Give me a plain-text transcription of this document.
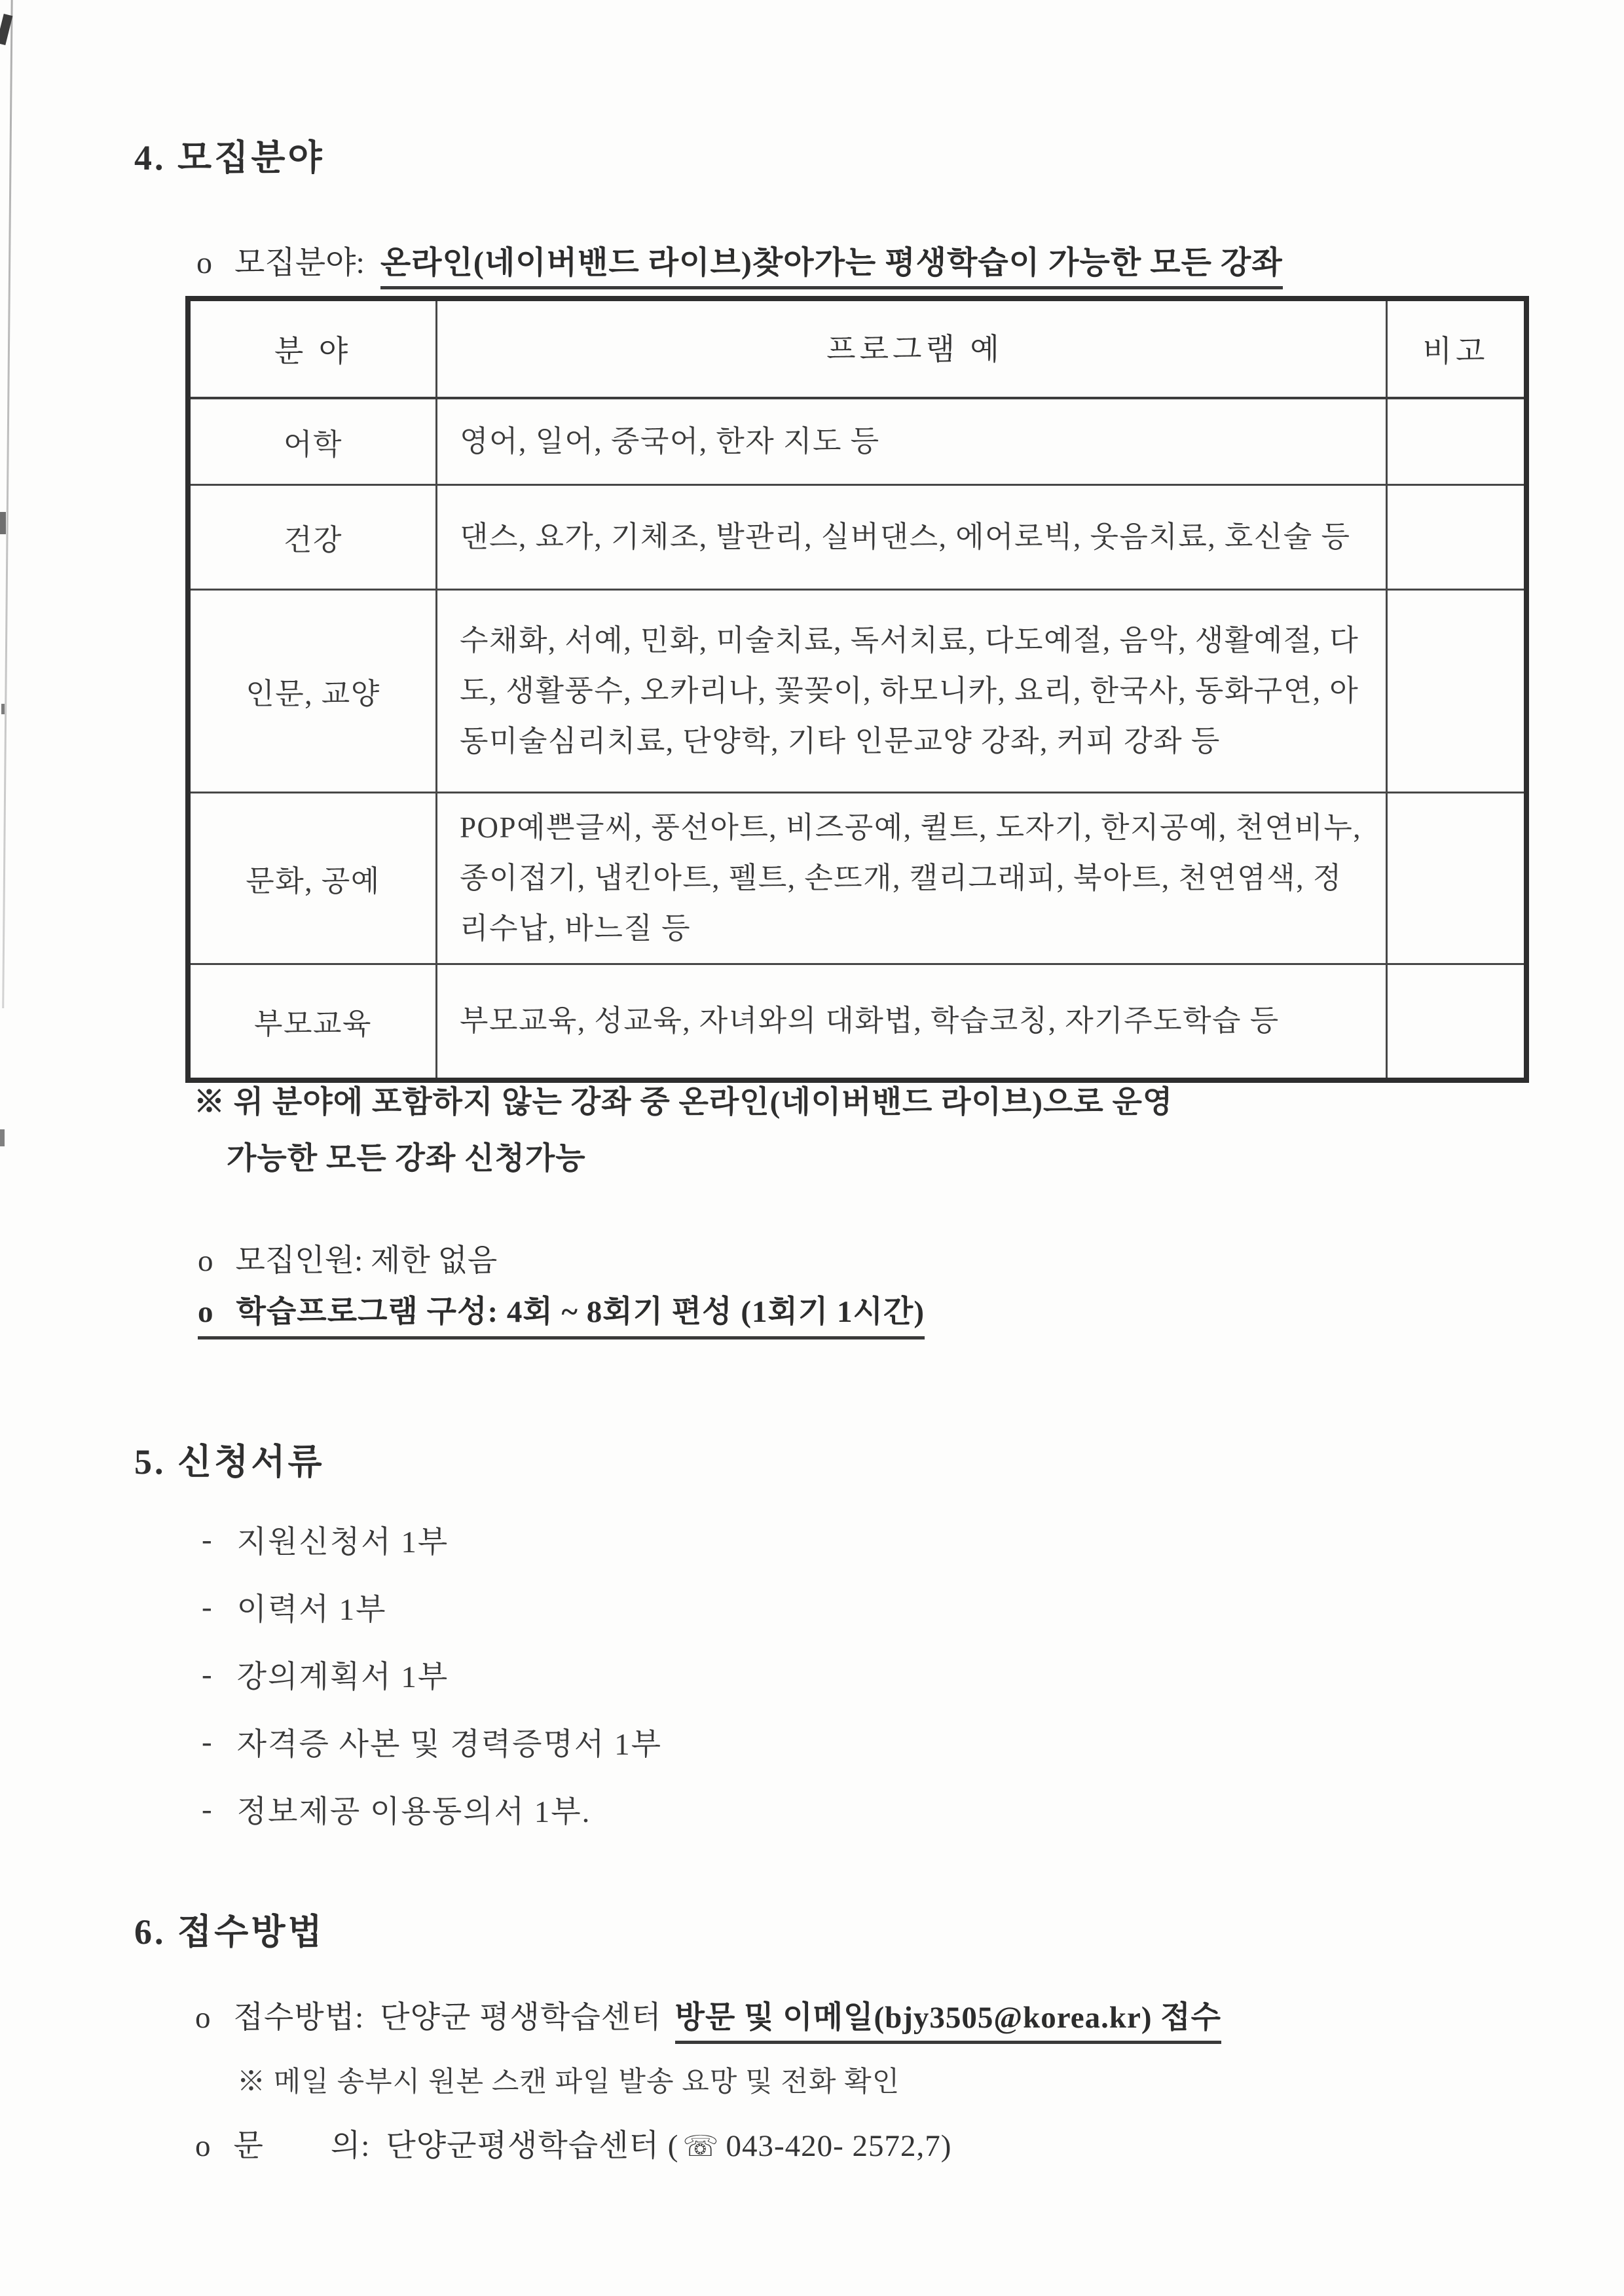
4. 모집분야
o 모집분야: 온라인(네이버밴드 라이브)찾아가는 평생학습이 가능한 모든 강좌
분 야	프로그램 예	비고
어학	영어, 일어, 중국어, 한자 지도 등	
건강	댄스, 요가, 기체조, 발관리, 실버댄스, 에어로빅, 웃음치료, 호신술 등	
인문, 교양	수채화, 서예, 민화, 미술치료, 독서치료, 다도예절, 음악, 생활예절, 다도, 생활풍수, 오카리나, 꽃꽂이, 하모니카, 요리, 한국사, 동화구연, 아동미술심리치료, 단양학, 기타 인문교양 강좌, 커피 강좌 등	
문화, 공예	POP예쁜글씨, 풍선아트, 비즈공예, 퀼트, 도자기, 한지공예, 천연비누, 종이접기, 냅킨아트, 펠트, 손뜨개, 캘리그래피, 북아트, 천연염색, 정리수납, 바느질 등	
부모교육	부모교육, 성교육, 자녀와의 대화법, 학습코칭, 자기주도학습 등	
※ 위 분야에 포함하지 않는 강좌 중 온라인(네이버밴드 라이브)으로 운영
가능한 모든 강좌 신청가능
o 모집인원: 제한 없음
o 학습프로그램 구성: 4회 ~ 8회기 편성 (1회기 1시간)
5. 신청서류
- 지원신청서 1부
- 이력서 1부
- 강의계획서 1부
- 자격증 사본 및 경력증명서 1부
- 정보제공 이용동의서 1부.
6. 접수방법
o 접수방법: 단양군 평생학습센터 방문 및 이메일(bjy3505@korea.kr) 접수
※ 메일 송부시 원본 스캔 파일 발송 요망 및 전화 확인
o 문        의: 단양군평생학습센터 ( ☏ 043-420- 2572,7)
